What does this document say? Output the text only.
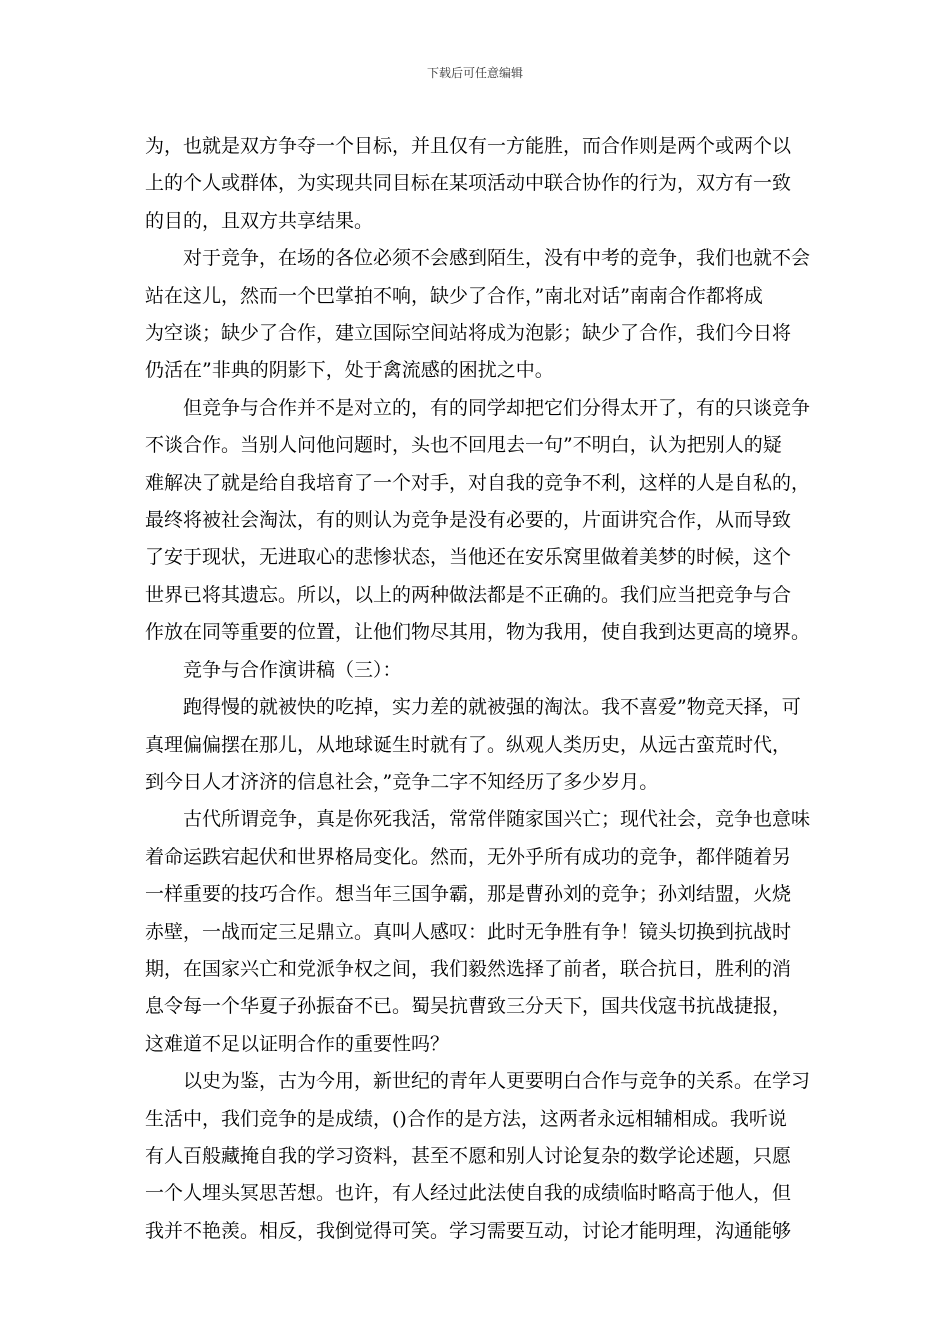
下载后可任意编辑
为，也就是双方争夺一个目标，并且仅有一方能胜，而合作则是两个或两个以
上的个人或群体，为实现共同目标在某项活动中联合协作的行为，双方有一致
的目的，且双方共享结果。
　　对于竞争，在场的各位必须不会感到陌生，没有中考的竞争，我们也就不会
站在这儿，然而一个巴掌拍不响，缺少了合作，”南北对话”南南合作都将成
为空谈；缺少了合作，建立国际空间站将成为泡影；缺少了合作，我们今日将
仍活在”非典的阴影下，处于禽流感的困扰之中。
　　但竞争与合作并不是对立的，有的同学却把它们分得太开了，有的只谈竞争
不谈合作。当别人问他问题时，头也不回甩去一句”不明白，认为把别人的疑
难解决了就是给自我培育了一个对手，对自我的竞争不利，这样的人是自私的，
最终将被社会淘汰，有的则认为竞争是没有必要的，片面讲究合作，从而导致
了安于现状，无进取心的悲惨状态，当他还在安乐窝里做着美梦的时候，这个
世界已将其遗忘。所以，以上的两种做法都是不正确的。我们应当把竞争与合
作放在同等重要的位置，让他们物尽其用，物为我用，使自我到达更高的境界。
　　竞争与合作演讲稿（三）：
　　跑得慢的就被快的吃掉，实力差的就被强的淘汰。我不喜爱”物竞天择，可
真理偏偏摆在那儿，从地球诞生时就有了。纵观人类历史，从远古蛮荒时代，
到今日人才济济的信息社会，”竞争二字不知经历了多少岁月。
　　古代所谓竞争，真是你死我活，常常伴随家国兴亡；现代社会，竞争也意味
着命运跌宕起伏和世界格局变化。然而，无外乎所有成功的竞争，都伴随着另
一样重要的技巧合作。想当年三国争霸，那是曹孙刘的竞争；孙刘结盟，火烧
赤壁，一战而定三足鼎立。真叫人感叹：此时无争胜有争！镜头切换到抗战时
期，在国家兴亡和党派争权之间，我们毅然选择了前者，联合抗日，胜利的消
息令每一个华夏子孙振奋不已。蜀吴抗曹致三分天下，国共伐寇书抗战捷报，
这难道不足以证明合作的重要性吗？
　　以史为鉴，古为今用，新世纪的青年人更要明白合作与竞争的关系。在学习
生活中，我们竞争的是成绩，()合作的是方法，这两者永远相辅相成。我听说
有人百般藏掩自我的学习资料，甚至不愿和别人讨论复杂的数学论述题，只愿
一个人埋头冥思苦想。也许，有人经过此法使自我的成绩临时略高于他人，但
我并不艳羡。相反，我倒觉得可笑。学习需要互动，讨论才能明理，沟通能够
